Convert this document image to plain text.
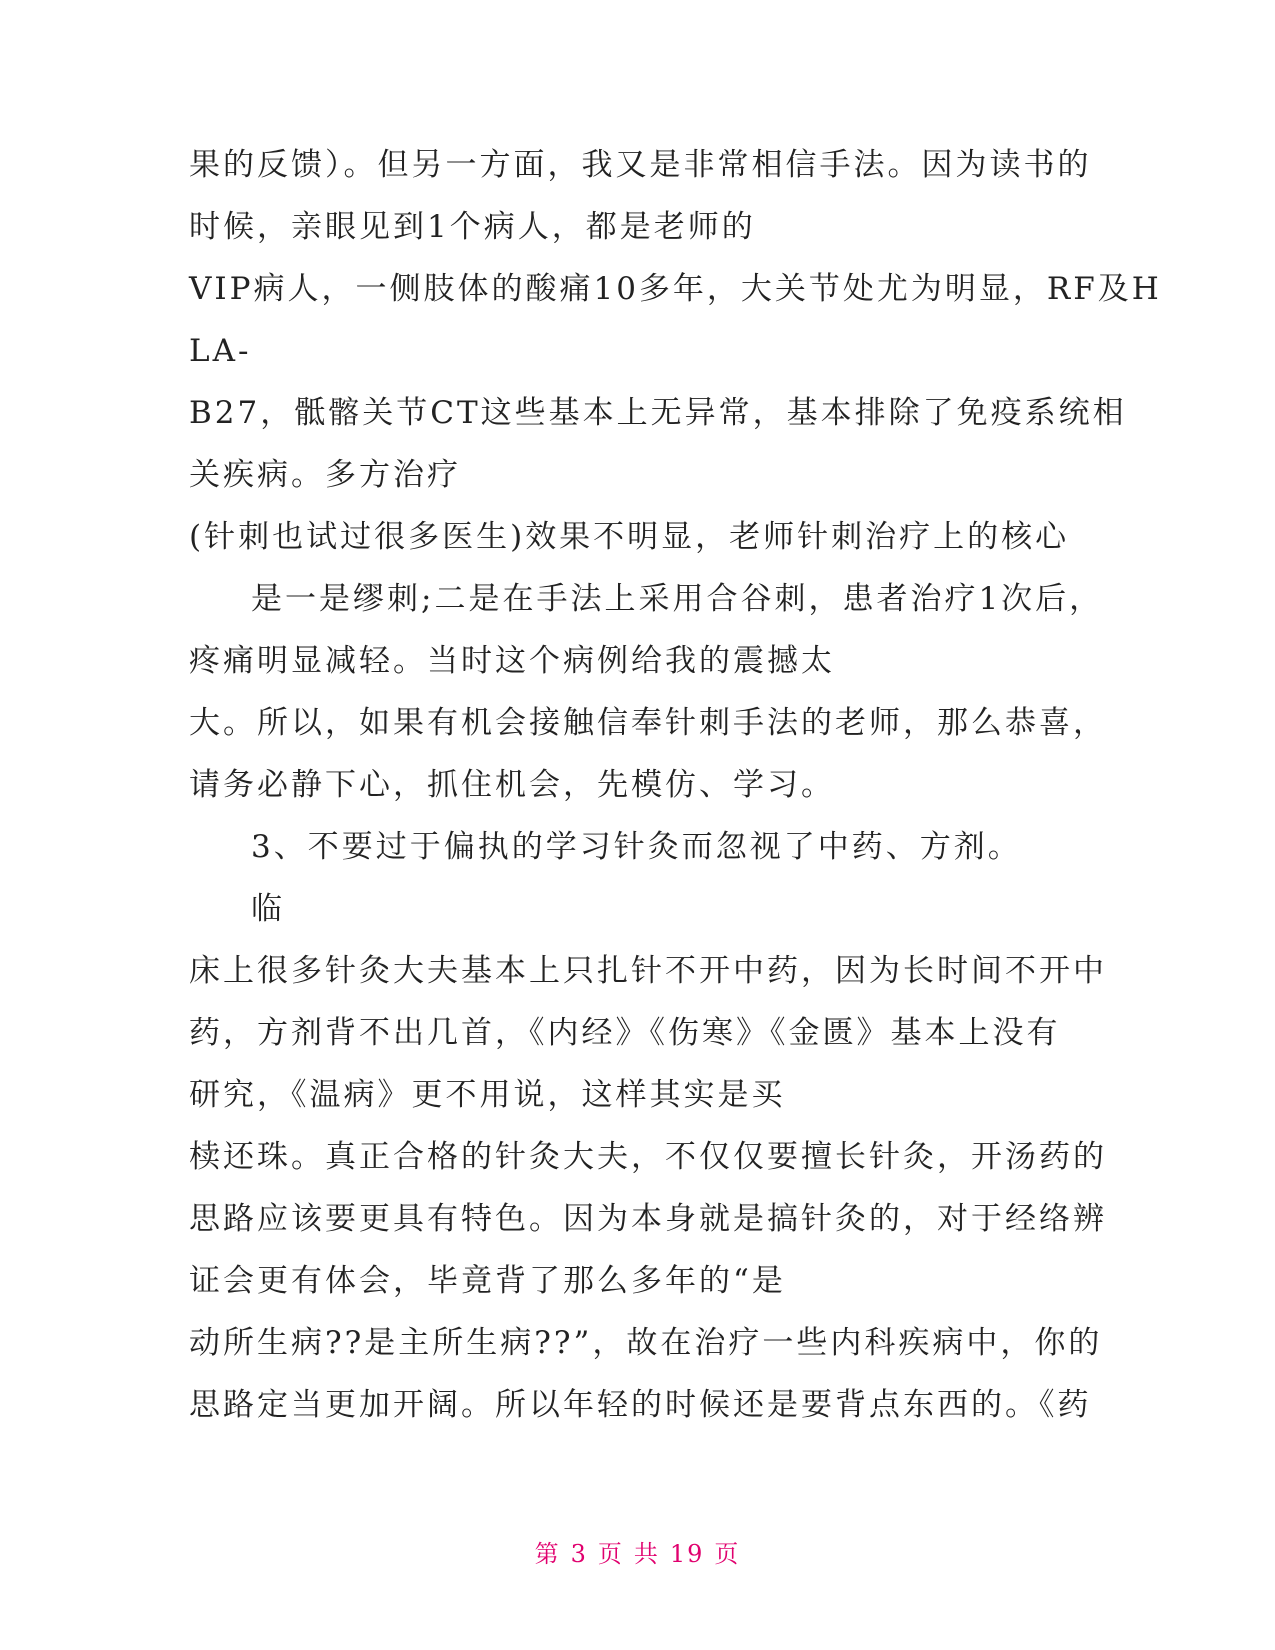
果的反馈）。但另一方面，我又是非常相信手法。因为读书的
时候，亲眼见到1个病人，都是老师的
VIP病人，一侧肢体的酸痛10多年，大关节处尤为明显，RF及H
LA-
B27，骶髂关节CT这些基本上无异常，基本排除了免疫系统相
关疾病。多方治疗
(针刺也试过很多医生)效果不明显，老师针刺治疗上的核心
是一是缪刺;二是在手法上采用合谷刺，患者治疗1次后，
疼痛明显减轻。当时这个病例给我的震撼太
大。所以，如果有机会接触信奉针刺手法的老师，那么恭喜，
请务必静下心，抓住机会，先模仿、学习。
3、不要过于偏执的学习针灸而忽视了中药、方剂。
临
床上很多针灸大夫基本上只扎针不开中药，因为长时间不开中
药，方剂背不出几首，《内经》《伤寒》《金匮》基本上没有
研究，《温病》更不用说，这样其实是买
椟还珠。真正合格的针灸大夫，不仅仅要擅长针灸，开汤药的
思路应该要更具有特色。因为本身就是搞针灸的，对于经络辨
证会更有体会，毕竟背了那么多年的“是
动所生病??是主所生病??”，故在治疗一些内科疾病中，你的
思路定当更加开阔。所以年轻的时候还是要背点东西的。《药
第 3 页 共 19 页
